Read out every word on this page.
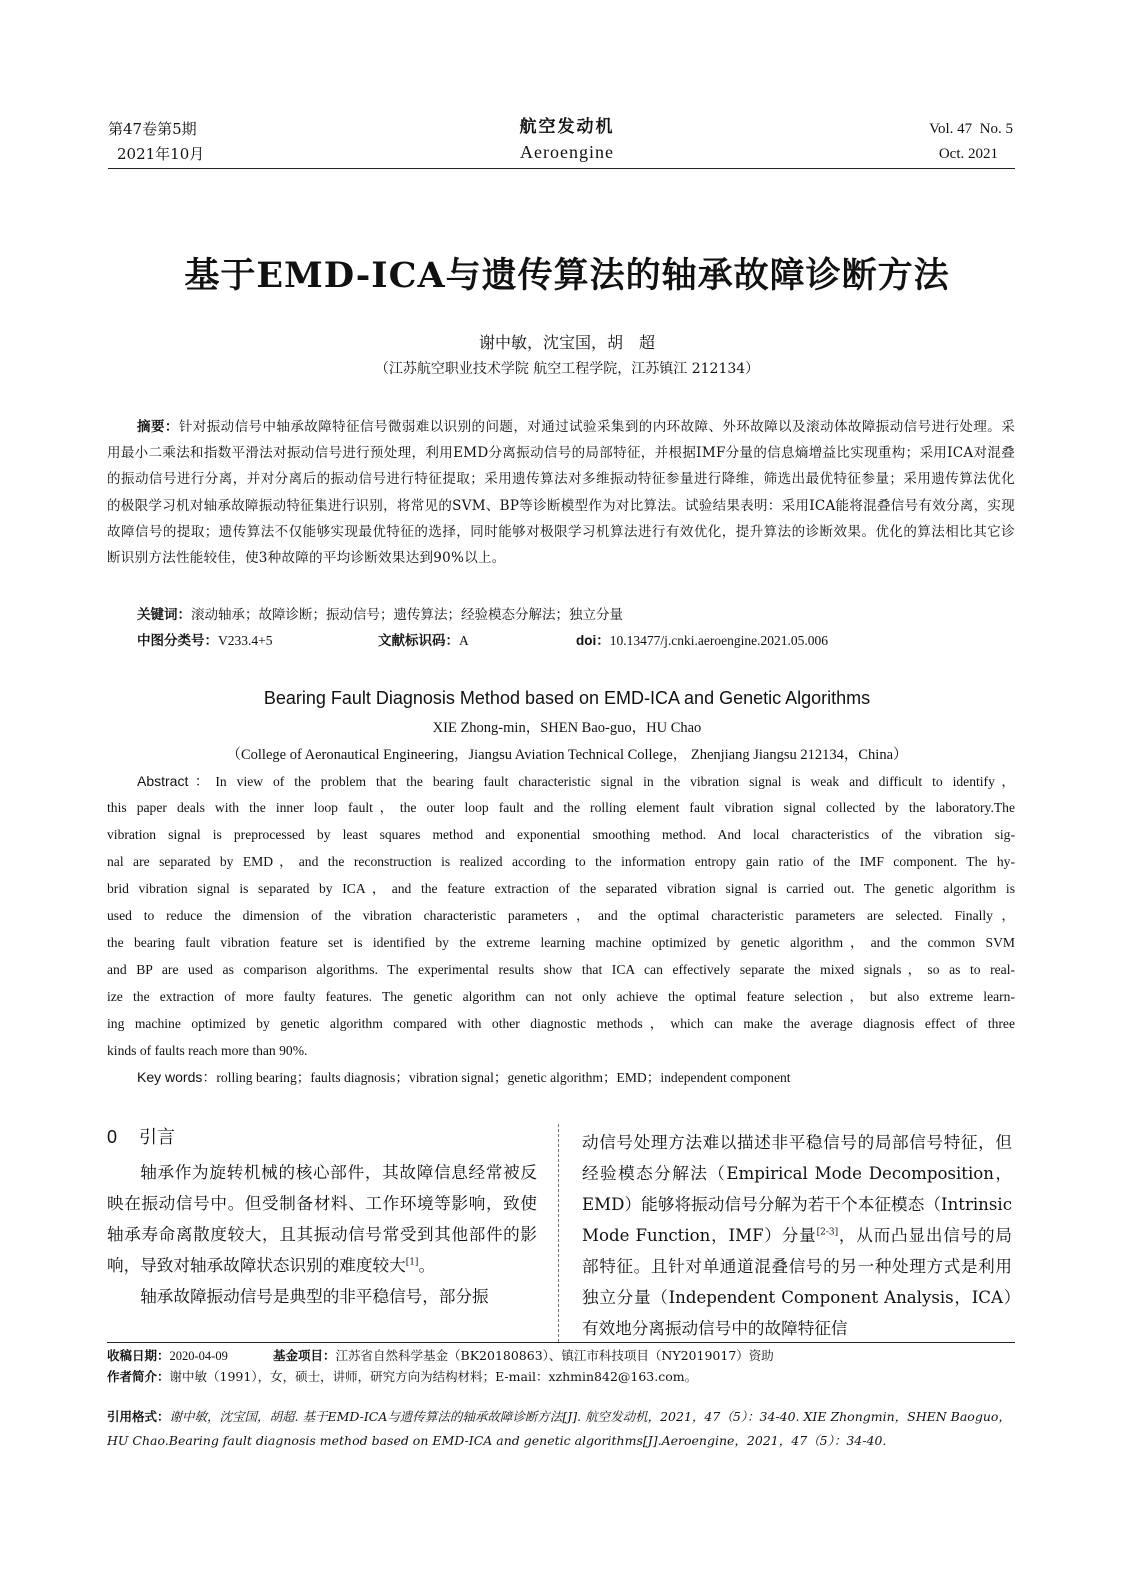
第47卷第5期
2021年10月
航空发动机
Aeroengine
Vol. 47  No. 5
Oct. 2021
基于EMD-ICA与遗传算法的轴承故障诊断方法
谢中敏，沈宝国，胡　超
（江苏航空职业技术学院 航空工程学院，江苏镇江 212134）
摘要：针对振动信号中轴承故障特征信号微弱难以识别的问题，对通过试验采集到的内环故障、外环故障以及滚动体故障振动信号进行处理。采用最小二乘法和指数平滑法对振动信号进行预处理，利用EMD分离振动信号的局部特征，并根据IMF分量的信息熵增益比实现重构；采用ICA对混叠的振动信号进行分离，并对分离后的振动信号进行特征提取；采用遗传算法对多维振动特征参量进行降维，筛选出最优特征参量；采用遗传算法优化的极限学习机对轴承故障振动特征集进行识别，将常见的SVM、BP等诊断模型作为对比算法。试验结果表明：采用ICA能将混叠信号有效分离，实现故障信号的提取；遗传算法不仅能够实现最优特征的选择，同时能够对极限学习机算法进行有效优化，提升算法的诊断效果。优化的算法相比其它诊断识别方法性能较佳，使3种故障的平均诊断效果达到90%以上。
关键词：滚动轴承；故障诊断；振动信号；遗传算法；经验模态分解法；独立分量
中图分类号：V233.4+5	文献标识码：A	doi：10.13477/j.cnki.aeroengine.2021.05.006
Bearing Fault Diagnosis Method based on EMD-ICA and Genetic Algorithms
XIE Zhong-min，SHEN Bao-guo，HU Chao
（College of Aeronautical Engineering，Jiangsu Aviation Technical College， Zhenjiang Jiangsu 212134，China）
Abstract：In view of the problem that the bearing fault characteristic signal in the vibration signal is weak and difficult to identify，
this paper deals with the inner loop fault，the outer loop fault and the rolling element fault vibration signal collected by the laboratory.The
vibration signal is preprocessed by least squares method and exponential smoothing method. And local characteristics of the vibration sig-
nal are separated by EMD，and the reconstruction is realized according to the information entropy gain ratio of the IMF component. The hy-
brid vibration signal is separated by ICA，and the feature extraction of the separated vibration signal is carried out. The genetic algorithm is
used to reduce the dimension of the vibration characteristic parameters，and the optimal characteristic parameters are selected. Finally，
the bearing fault vibration feature set is identified by the extreme learning machine optimized by genetic algorithm，and the common SVM
and BP are used as comparison algorithms. The experimental results show that ICA can effectively separate the mixed signals，so as to real-
ize the extraction of more faulty features. The genetic algorithm can not only achieve the optimal feature selection，but also extreme learn-
ing machine optimized by genetic algorithm compared with other diagnostic methods，which can make the average diagnosis effect of three
kinds of faults reach more than 90%.
Key words：rolling bearing；faults diagnosis；vibration signal；genetic algorithm；EMD；independent component
0 引言

轴承作为旋转机械的核心部件，其故障信息经常被反映在振动信号中。但受制备材料、工作环境等影响，致使轴承寿命离散度较大，且其振动信号常受到其他部件的影响，导致对轴承故障状态识别的难度较大[1]。

轴承故障振动信号是典型的非平稳信号，部分振

动信号处理方法难以描述非平稳信号的局部信号特征，但经验模态分解法（Empirical Mode Decomposition，EMD）能够将振动信号分解为若干个本征模态（Intrinsic Mode Function，IMF）分量[2-3]，从而凸显出信号的局部特征。且针对单通道混叠信号的另一种处理方式是利用独立分量（Independent Component Analysis，ICA）有效地分离振动信号中的故障特征信

收稿日期：2020-04-09	基金项目：江苏省自然科学基金（BK20180863）、镇江市科技项目（NY2019017）资助
作者简介：谢中敏（1991），女，硕士，讲师，研究方向为结构材料；E-mail：xzhmin842@163.com。
引用格式：谢中敏，沈宝国，胡超. 基于EMD-ICA与遗传算法的轴承故障诊断方法[J]. 航空发动机，2021，47（5）：34-40. XIE Zhongmin，SHEN Baoguo，HU Chao.Bearing fault diagnosis method based on EMD-ICA and genetic algorithms[J].Aeroengine，2021，47（5）：34-40.
